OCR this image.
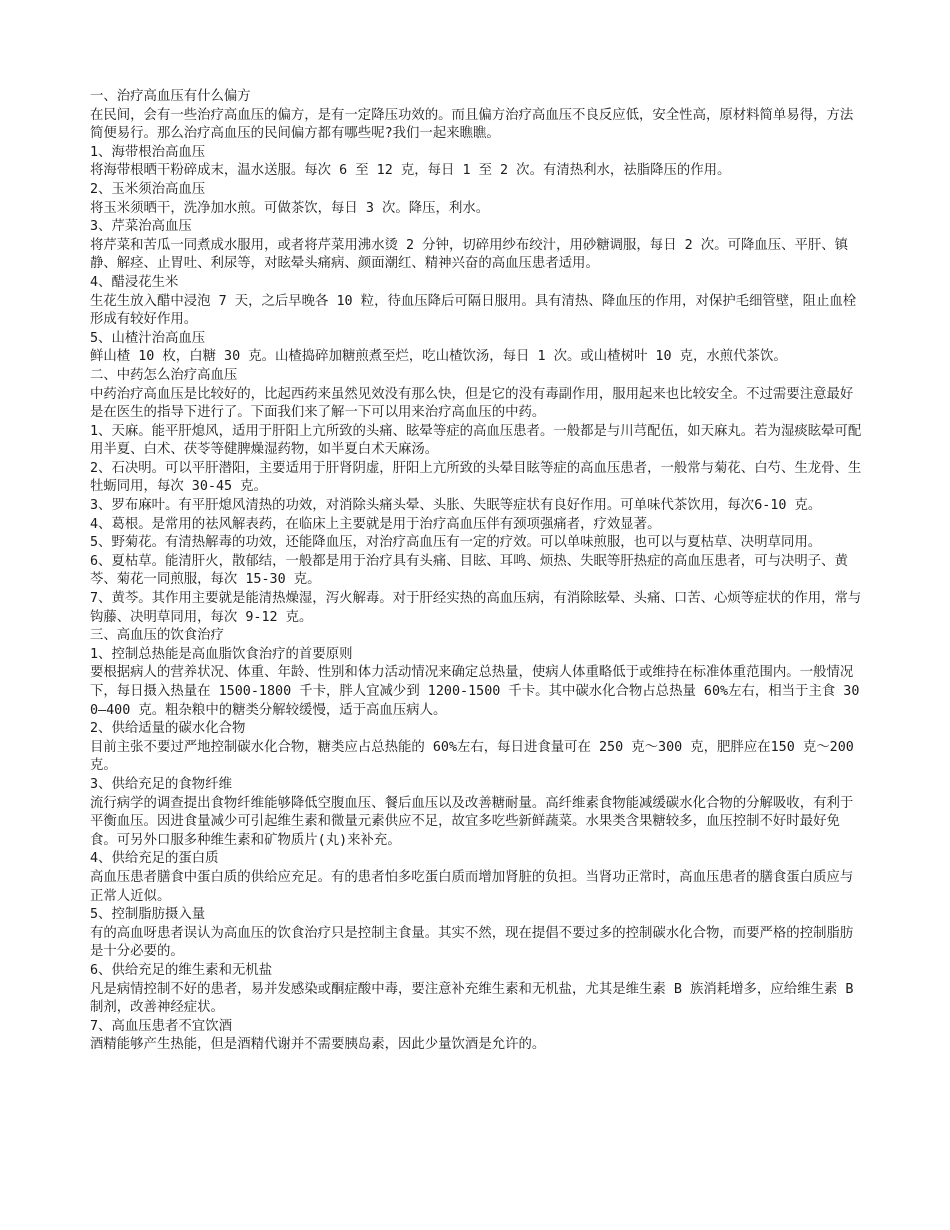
一、治疗高血压有什么偏方

在民间，会有一些治疗高血压的偏方，是有一定降压功效的。而且偏方治疗高血压不良反应低，安全性高，原材料简单易得，方法简便易行。那么治疗高血压的民间偏方都有哪些呢?我们一起来瞧瞧。

1、海带根治高血压

将海带根晒干粉碎成末，温水送服。每次 6 至 12 克，每日 1 至 2 次。有清热利水，祛脂降压的作用。

2、玉米须治高血压

将玉米须晒干，洗净加水煎。可做茶饮，每日 3 次。降压，利水。

3、芹菜治高血压

将芹菜和苦瓜一同煮成水服用，或者将芹菜用沸水烫 2 分钟，切碎用纱布绞汁，用砂糖调服，每日 2 次。可降血压、平肝、镇静、解痉、止胃吐、利尿等，对眩晕头痛病、颜面潮红、精神兴奋的高血压患者适用。

4、醋浸花生米

生花生放入醋中浸泡 7 天，之后早晚各 10 粒，待血压降后可隔日服用。具有清热、降血压的作用，对保护毛细管壁，阻止血栓形成有较好作用。

5、山楂汁治高血压

鲜山楂 10 枚，白糖 30 克。山楂捣碎加糖煎煮至烂，吃山楂饮汤，每日 1 次。或山楂树叶 10 克，水煎代茶饮。

二、中药怎么治疗高血压

中药治疗高血压是比较好的，比起西药来虽然见效没有那么快，但是它的没有毒副作用，服用起来也比较安全。不过需要注意最好是在医生的指导下进行了。下面我们来了解一下可以用来治疗高血压的中药。

1、天麻。能平肝熄风，适用于肝阳上亢所致的头痛、眩晕等症的高血压患者。一般都是与川芎配伍，如天麻丸。若为湿痰眩晕可配用半夏、白术、茯苓等健脾燥湿药物，如半夏白术天麻汤。

2、石决明。可以平肝潜阳，主要适用于肝肾阴虚，肝阳上亢所致的头晕目眩等症的高血压患者，一般常与菊花、白芍、生龙骨、生牡蛎同用，每次 30-45 克。

3、罗布麻叶。有平肝熄风清热的功效，对消除头痛头晕、头胀、失眠等症状有良好作用。可单味代茶饮用，每次6-10 克。

4、葛根。是常用的祛风解表药，在临床上主要就是用于治疗高血压伴有颈项强痛者，疗效显著。

5、野菊花。有清热解毒的功效，还能降血压，对治疗高血压有一定的疗效。可以单味煎服，也可以与夏枯草、决明草同用。

6、夏枯草。能清肝火，散郁结，一般都是用于治疗具有头痛、目眩、耳鸣、烦热、失眠等肝热症的高血压患者，可与决明子、黄芩、菊花一同煎服，每次 15-30 克。

7、黄芩。其作用主要就是能清热燥湿，泻火解毒。对于肝经实热的高血压病，有消除眩晕、头痛、口苦、心烦等症状的作用，常与钩藤、决明草同用，每次 9-12 克。

三、高血压的饮食治疗

1、控制总热能是高血脂饮食治疗的首要原则

要根据病人的营养状况、体重、年龄、性别和体力活动情况来确定总热量，使病人体重略低于或维持在标准体重范围内。一般情况下，每日摄入热量在 1500-1800 千卡，胖人宜减少到 1200-1500 千卡。其中碳水化合物占总热量 60%左右，相当于主食 300—400 克。粗杂粮中的糖类分解较缓慢，适于高血压病人。

2、供给适量的碳水化合物

目前主张不要过严地控制碳水化合物，糖类应占总热能的 60%左右，每日进食量可在 250 克～300 克，肥胖应在150 克～200 克。

3、供给充足的食物纤维

流行病学的调查提出食物纤维能够降低空腹血压、餐后血压以及改善糖耐量。高纤维素食物能减缓碳水化合物的分解吸收，有利于平衡血压。因进食量减少可引起维生素和微量元素供应不足，故宜多吃些新鲜蔬菜。水果类含果糖较多，血压控制不好时最好免食。可另外口服多种维生素和矿物质片(丸)来补充。

4、供给充足的蛋白质

高血压患者膳食中蛋白质的供给应充足。有的患者怕多吃蛋白质而增加肾脏的负担。当肾功正常时，高血压患者的膳食蛋白质应与正常人近似。

5、控制脂肪摄入量

有的高血呀患者误认为高血压的饮食治疗只是控制主食量。其实不然，现在提倡不要过多的控制碳水化合物，而要严格的控制脂肪是十分必要的。

6、供给充足的维生素和无机盐

凡是病情控制不好的患者，易并发感染或酮症酸中毒，要注意补充维生素和无机盐，尤其是维生素 B 族消耗增多，应给维生素 B 制剂，改善神经症状。

7、高血压患者不宜饮酒

酒精能够产生热能，但是酒精代谢并不需要胰岛素，因此少量饮酒是允许的。
